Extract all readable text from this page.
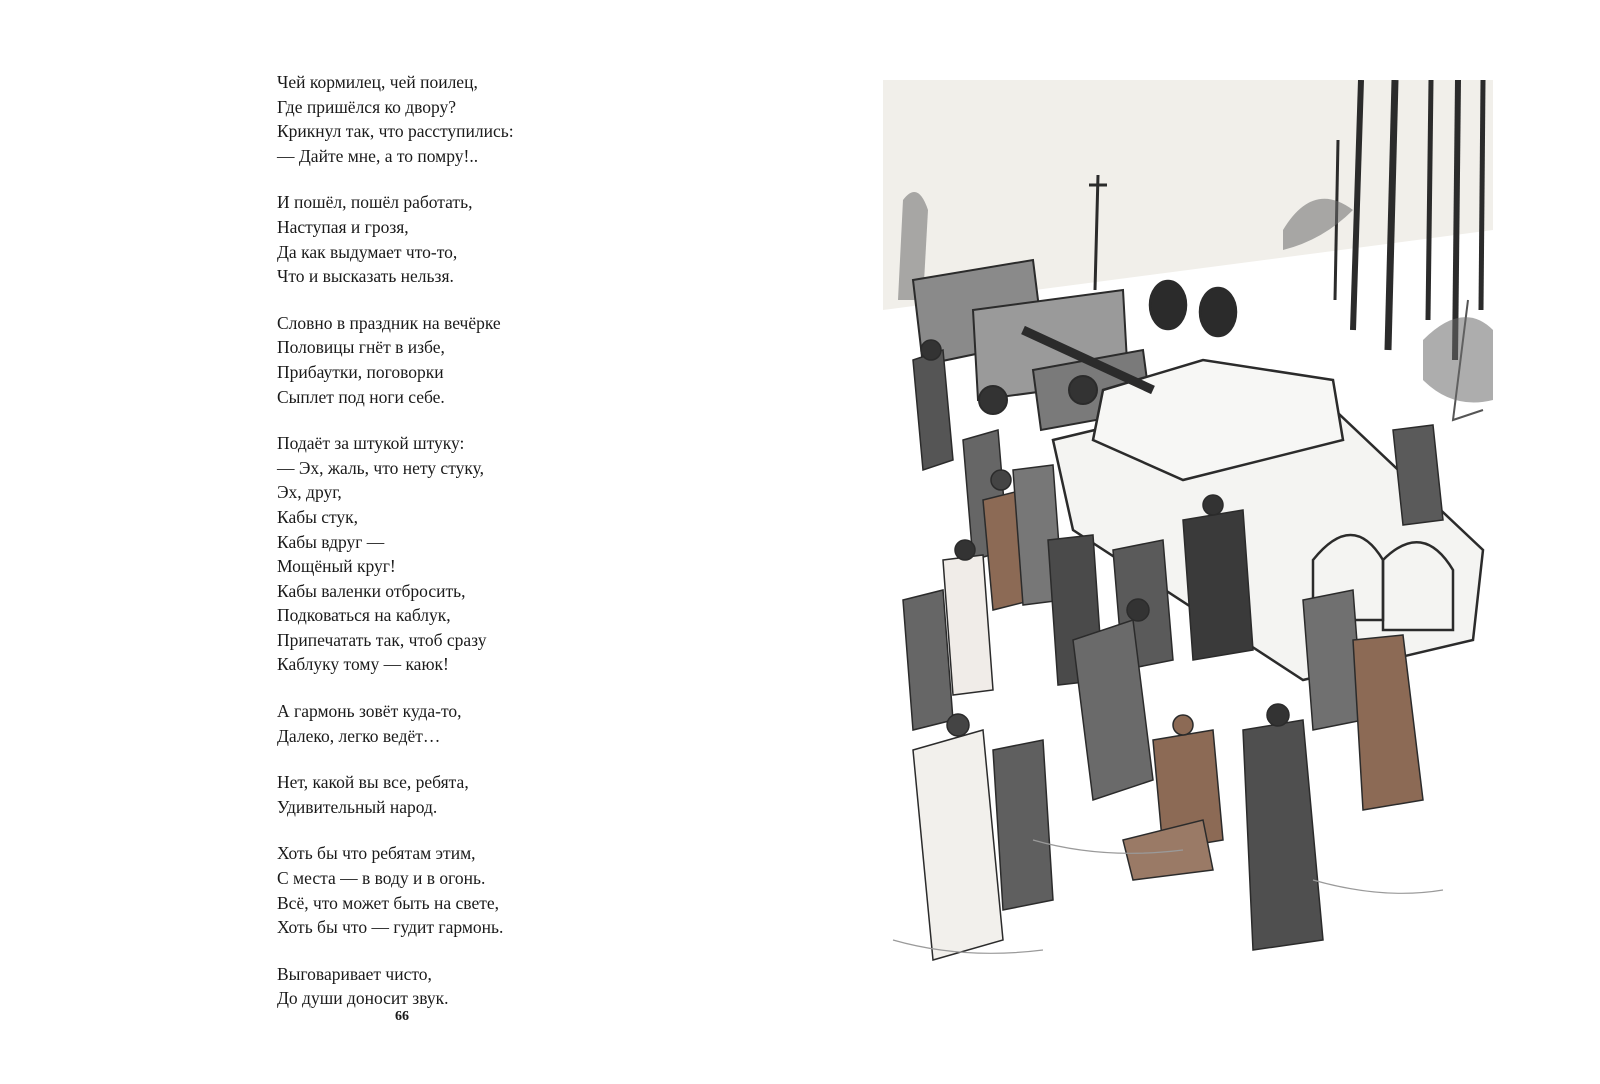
Чей кормилец, чей поилец,
Где пришёлся ко двору?
Крикнул так, что расступились:
— Дайте мне, а то помру!..
И пошёл, пошёл работать,
Наступая и грозя,
Да как выдумает что-то,
Что и высказать нельзя.
Словно в праздник на вечёрке
Половицы гнёт в избе,
Прибаутки, поговорки
Сыплет под ноги себе.
Подаёт за штукой штуку:
— Эх, жаль, что нету стуку,
Эх, друг,
Кабы стук,
Кабы вдруг —
Мощёный круг!
Кабы валенки отбросить,
Подковаться на каблук,
Припечатать так, чтоб сразу
Каблуку тому — каюк!
А гармонь зовёт куда-то,
Далеко, легко ведёт…
Нет, какой вы все, ребята,
Удивительный народ.
Хоть бы что ребятам этим,
С места — в воду и в огонь.
Всё, что может быть на свете,
Хоть бы что — гудит гармонь.
Выговаривает чисто,
До души доносит звук.
66
